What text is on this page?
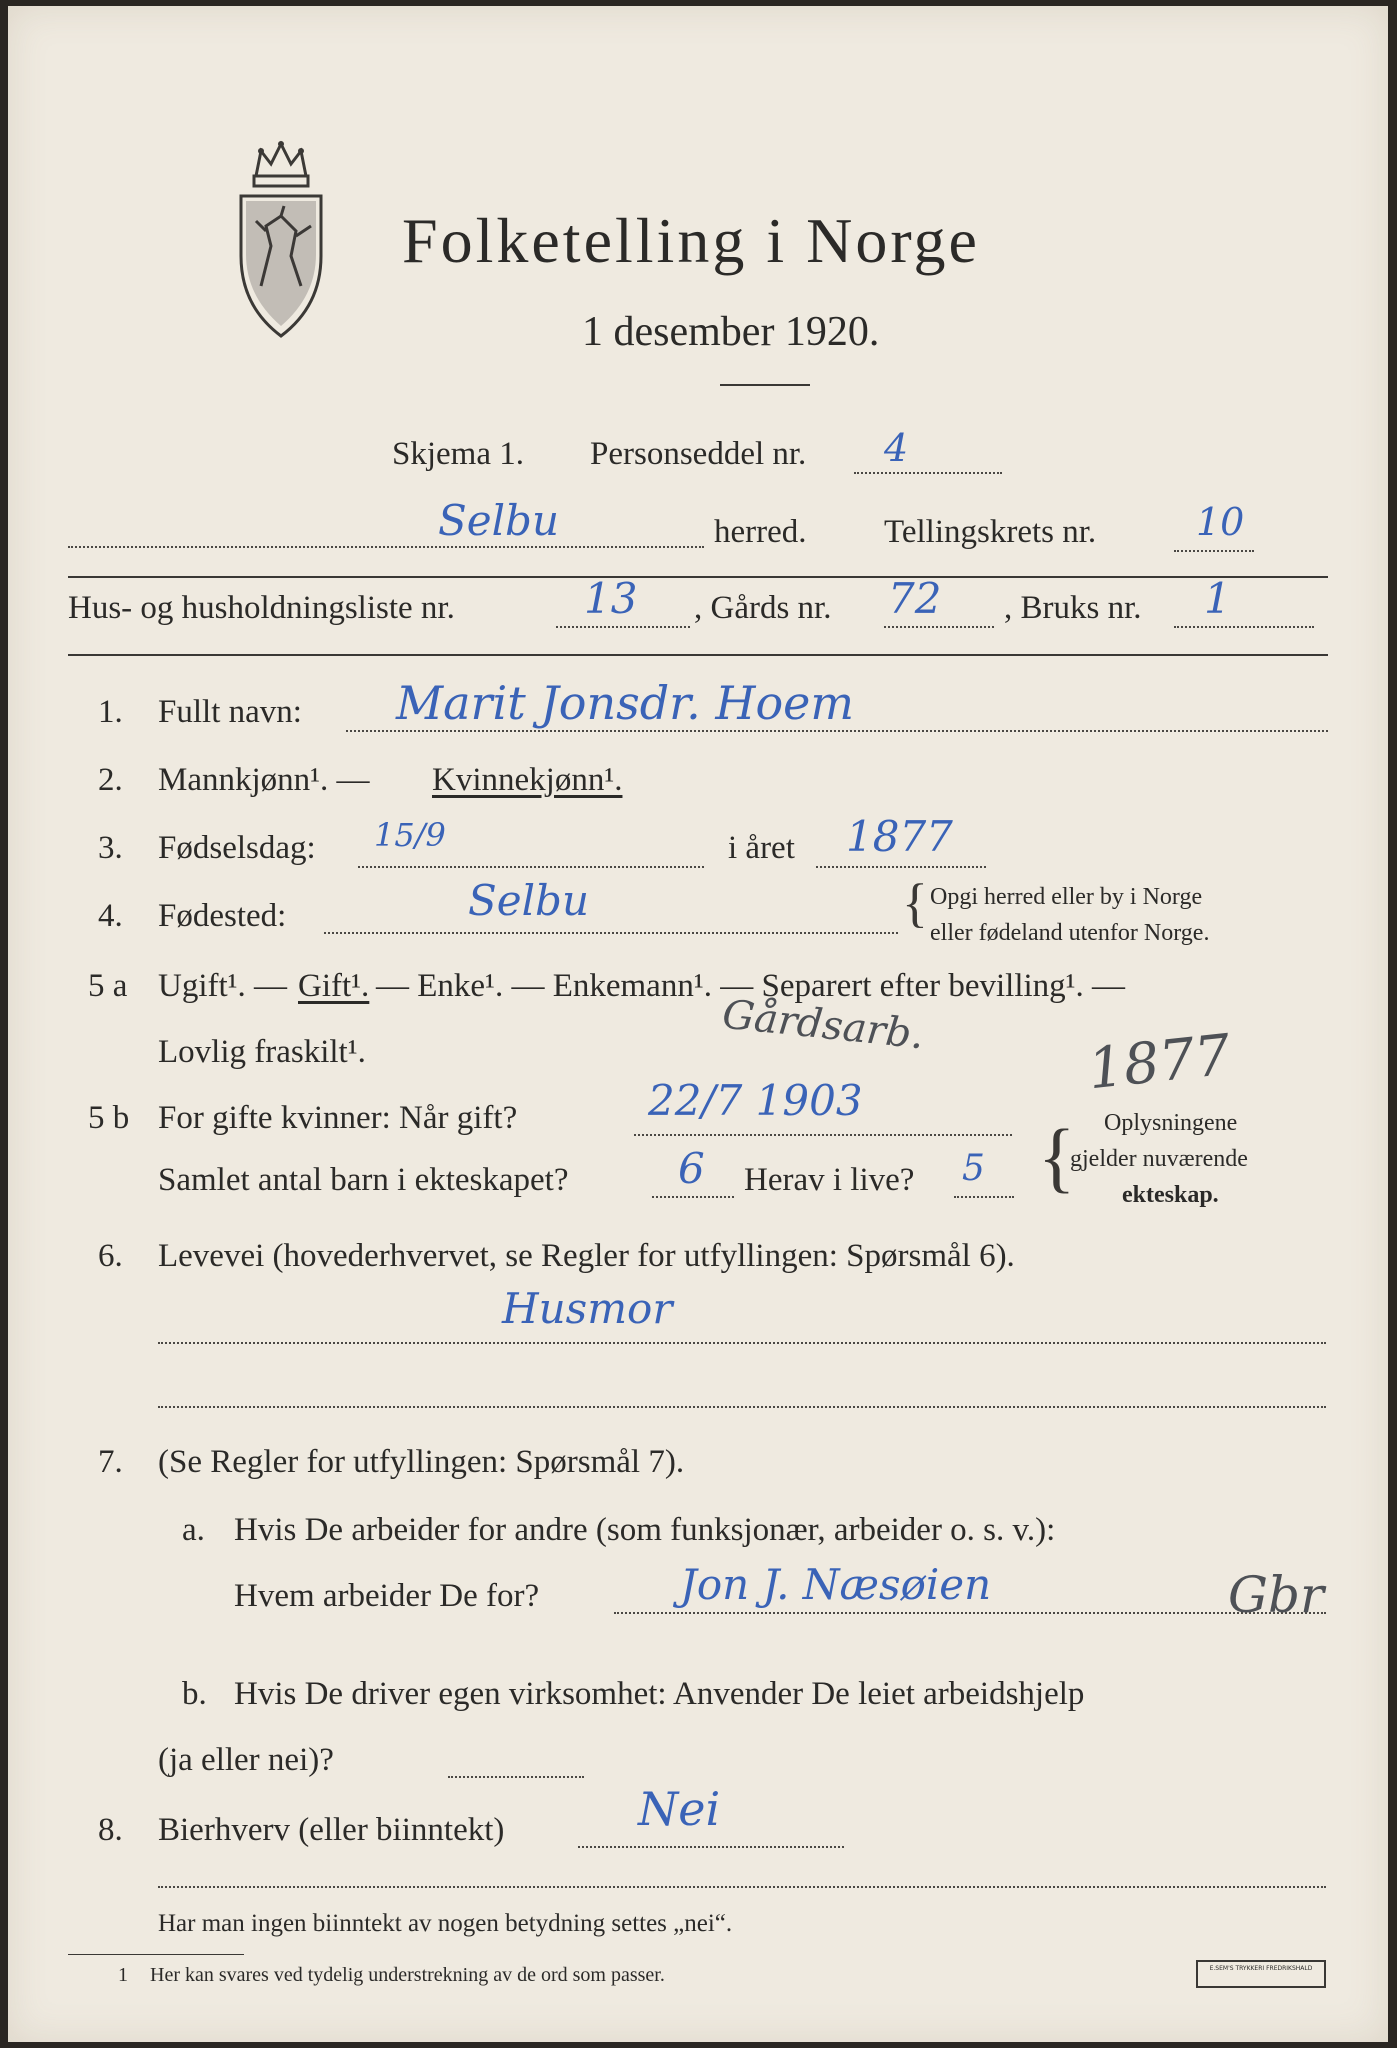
Folketelling i Norge
1 desember 1920.
Skjema 1. Personseddel nr. 4
Selbu	herred. Tellingskrets nr.	10
Hus- og husholdningsliste nr.	13 , Gårds nr. 72 , Bruks nr. 1
1. Fullt navn: Marit Jonsdr. Hoem
2. Mannkjønn¹. — Kvinnekjønn¹.
3. Fødselsdag: 15/9	i året 1877
4. Fødested:	Selbu	{ Opgi herred eller by i Norge
eller fødeland utenfor Norge.
5 a Ugift¹. — Gift¹. — Enke¹. — Enkemann¹. — Separert efter bevilling¹. —
Lovlig fraskilt¹.	Gårdsarb.
5 b For gifte kvinner: Når gift?	22/7 1903	1877
Samlet antal barn i ekteskapet?	6 Herav i live? 5 { Oplysningene
gjelder nuværende
ekteskap.
6. Levevei (hovederhvervet, se Regler for utfyllingen: Spørsmål 6).
Husmor
7. (Se Regler for utfyllingen: Spørsmål 7).
a. Hvis De arbeider for andre (som funksjonær, arbeider o. s. v.):
Hvem arbeider De for?	Jon J. Næsøien	Gbr
b. Hvis De driver egen virksomhet: Anvender De leiet arbeidshjelp
(ja eller nei)?
8. Bierhverv (eller biinntekt)	Nei
Har man ingen biinntekt av nogen betydning settes „nei“.
1 Her kan svares ved tydelig understrekning av de ord som passer.	E.SEM'S TRYKKERI FREDRIKSHALD
